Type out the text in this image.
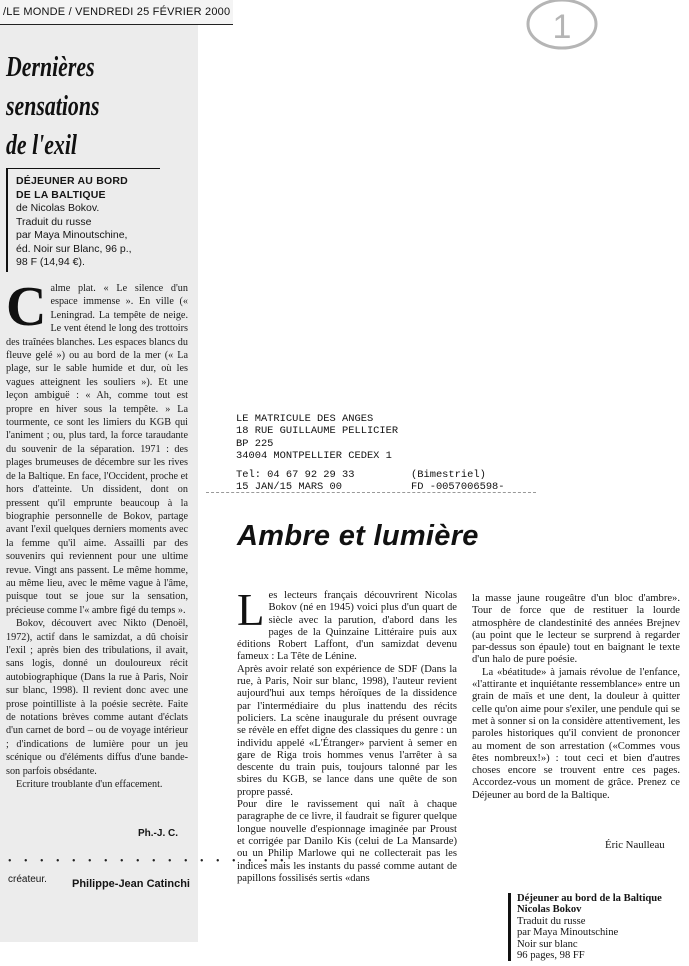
/LE MONDE / VENDREDI 25 FÉVRIER 2000
Dernières
sensations
de l'exil
DÉJEUNER AU BORD
DE LA BALTIQUE
de Nicolas Bokov.
Traduit du russe
par Maya Minoutschine,
éd. Noir sur Blanc, 96 p.,
98 F (14,94 €).

Calme plat. « Le silence d'un espace immense ». En ville (« Leningrad. La tempête de neige. Le vent étend le long des trottoirs des traînées blanches. Les espaces blancs du fleuve gelé ») ou au bord de la mer (« La plage, sur le sable humide et dur, où les vagues atteignent les souliers »). Et une leçon ambiguë : « Ah, comme tout est propre en hiver sous la tempête. » La tourmente, ce sont les limiers du KGB qui l'animent ; ou, plus tard, la force taraudante du souvenir de la séparation. 1971 : des plages brumeuses de décembre sur les rives de la Baltique. En face, l'Occident, proche et hors d'atteinte. Un dissident, dont on pressent qu'il emprunte beaucoup à la biographie personnelle de Bokov, partage avant l'exil quelques derniers moments avec la femme qu'il aime. Assailli par des souvenirs qui reviennent pour une ultime revue. Vingt ans passent. Le même homme, au même lieu, avec le même vague à l'âme, puisque tout se joue sur la sensation, précieuse comme l'« ambre figé du temps ».

Bokov, découvert avec Nikto (Denoël, 1972), actif dans le samizdat, a dû choisir l'exil ; après bien des tribulations, il avait, sans logis, donné un douloureux récit autobiographique (Dans la rue à Paris, Noir sur blanc, 1998). Il revient donc avec une prose pointilliste à la poésie secrète. Faite de notations brèves comme autant d'éclats d'un carnet de bord – ou de voyage intérieur ; d'indications de lumière pour un jeu scénique ou d'éléments diffus d'une bande-son parfois obsédante.

Ecriture troublante d'un effacement.

Ph.-J. C.
• • • • • • • • • • • • • • • • • •
créateur. Philippe-Jean Catinchi
1
LE MATRICULE DES ANGES
18 RUE GUILLAUME PELLICIER
BP 225
34004 MONTPELLIER CEDEX 1
Tel: 04 67 92 29 33
15 JAN/15 MARS 00
(Bimestriel)
FD -0057006598-
Ambre et lumière

Les lecteurs français découvrirent Nicolas Bokov (né en 1945) voici plus d'un quart de siècle avec la parution, d'abord dans les pages de la Quinzaine Littéraire puis aux éditions Robert Laffont, d'un samizdat devenu fameux : La Tête de Lénine.

Après avoir relaté son expérience de SDF (Dans la rue, à Paris, Noir sur blanc, 1998), l'auteur revient aujourd'hui aux temps héroïques de la dissidence par l'intermédiaire du plus inattendu des récits policiers. La scène inaugurale du présent ouvrage se révèle en effet digne des classiques du genre : un individu appelé «L'Étranger» parvient à semer en gare de Riga trois hommes venus l'arrêter à sa descente du train puis, toujours talonné par les sbires du KGB, se lance dans une quête de son propre passé.

Pour dire le ravissement qui naît à chaque paragraphe de ce livre, il faudrait se figurer quelque longue nouvelle d'espionnage imaginée par Proust et corrigée par Danilo Kis (celui de La Mansarde) ou un Philip Marlowe qui ne collecterait pas les indices mais les instants du passé comme autant de papillons fossilisés sertis «dans

la masse jaune rougeâtre d'un bloc d'ambre». Tour de force que de restituer la lourde atmosphère de clandestinité des années Brejnev (au point que le lecteur se surprend à regarder par-dessus son épaule) tout en baignant le texte d'un halo de pure poésie.

La «béatitude» à jamais révolue de l'enfance, «l'attirante et inquiétante ressemblance» entre un grain de maïs et une dent, la douleur à quitter celle qu'on aime pour s'exiler, une pendule qui se met à sonner si on la considère attentivement, les paroles historiques qu'il convient de prononcer au moment de son arrestation («Commes vous êtes nombreux!») : tout ceci et bien d'autres choses encore se trouvent entre ces pages. Accordez-vous un moment de grâce. Prenez ce Déjeuner au bord de la Baltique.

Éric Naulleau
Déjeuner au bord de la Baltique
Nicolas Bokov
Traduit du russe
par Maya Minoutschine
Noir sur blanc
96 pages, 98 FF
